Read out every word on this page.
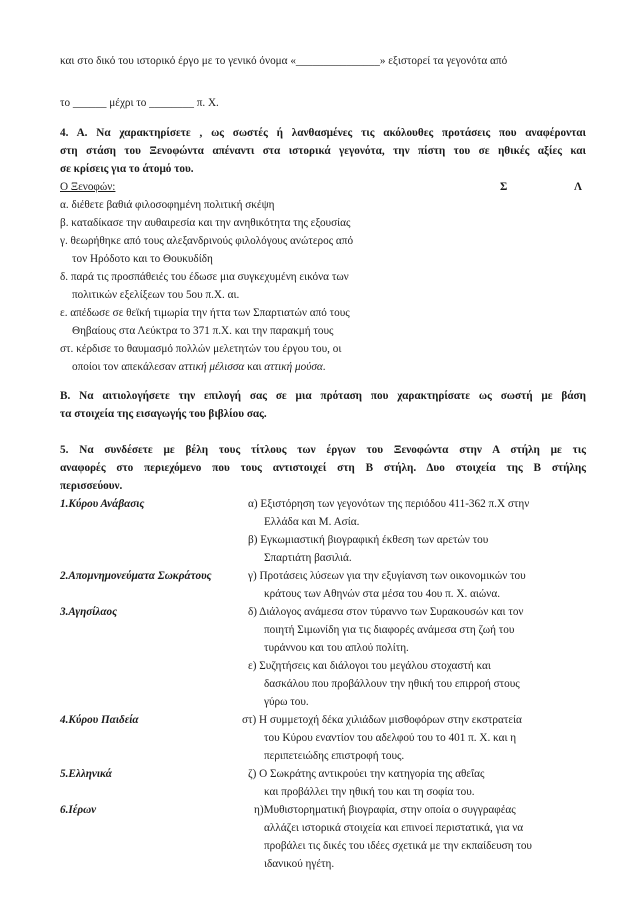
και στο δικό του ιστορικό έργο με το γενικό όνομα «_______________» εξιστορεί τα γεγονότα από
το ______ μέχρι το ________ π. Χ.
4. Α. Να χαρακτηρίσετε , ως σωστές ή λανθασμένες τις ακόλουθες προτάσεις που αναφέρονται
στη στάση του Ξενοφώντα απέναντι στα ιστορικά γεγονότα, την πίστη του σε ηθικές αξίες και
σε κρίσεις για το άτομό του.
Ο Ξενοφών:	Σ	Λ
α. διέθετε βαθιά φιλοσοφημένη πολιτική σκέψη
β. καταδίκασε την αυθαιρεσία και την ανηθικότητα της εξουσίας
γ. θεωρήθηκε από τους αλεξανδρινούς φιλολόγους ανώτερος από
τον Ηρόδοτο και το Θουκυδίδη
δ. παρά τις προσπάθειές του έδωσε μια συγκεχυμένη εικόνα των
πολιτικών εξελίξεων του 5ου π.Χ. αι.
ε. απέδωσε σε θεϊκή τιμωρία την ήττα των Σπαρτιατών από τους
Θηβαίους στα Λεύκτρα το 371 π.Χ. και την παρακμή τους
στ. κέρδισε το θαυμασμό πολλών μελετητών του έργου του, οι
οποίοι τον απεκάλεσαν αττική μέλισσα και αττική μούσα.
Β. Να αιτιολογήσετε την επιλογή σας σε μια πρόταση που χαρακτηρίσατε ως σωστή με βάση
τα στοιχεία της εισαγωγής του βιβλίου σας.
5. Να συνδέσετε με βέλη τους τίτλους των έργων του Ξενοφώντα στην Α στήλη με τις
αναφορές στο περιεχόμενο που τους αντιστοιχεί στη Β στήλη. Δυο στοιχεία της Β στήλης
περισσεύουν.
1.Κύρου Ανάβασις
2.Απομνημονεύματα Σωκράτους
3.Αγησίλαος
4.Κύρου Παιδεία
5.Ελληνικά
6.Ιέρων
α) Εξιστόρηση των γεγονότων της περιόδου 411-362 π.Χ στην
Ελλάδα και Μ. Ασία.
β) Εγκωμιαστική βιογραφική έκθεση των αρετών του
Σπαρτιάτη βασιλιά.
γ) Προτάσεις λύσεων για την εξυγίανση των οικονομικών του
κράτους των Αθηνών στα μέσα του 4ου π. Χ. αιώνα.
δ) Διάλογος ανάμεσα στον τύραννο των Συρακουσών και τον
ποιητή Σιμωνίδη για τις διαφορές ανάμεσα στη ζωή του
τυράννου και του απλού πολίτη.
ε) Συζητήσεις και διάλογοι του μεγάλου στοχαστή και
δασκάλου που προβάλλουν την ηθική του επιρροή στους
γύρω του.
στ) Η συμμετοχή δέκα χιλιάδων μισθοφόρων στην εκστρατεία
του Κύρου εναντίον του αδελφού του το 401 π. Χ. και η
περιπετειώδης επιστροφή τους.
ζ) Ο Σωκράτης αντικρούει την κατηγορία της αθεΐας
και προβάλλει την ηθική του και τη σοφία του.
η)Μυθιστορηματική βιογραφία, στην οποία ο συγγραφέας
αλλάζει ιστορικά στοιχεία και επινοεί περιστατικά, για να
προβάλει τις δικές του ιδέες σχετικά με την εκπαίδευση του
ιδανικού ηγέτη.
